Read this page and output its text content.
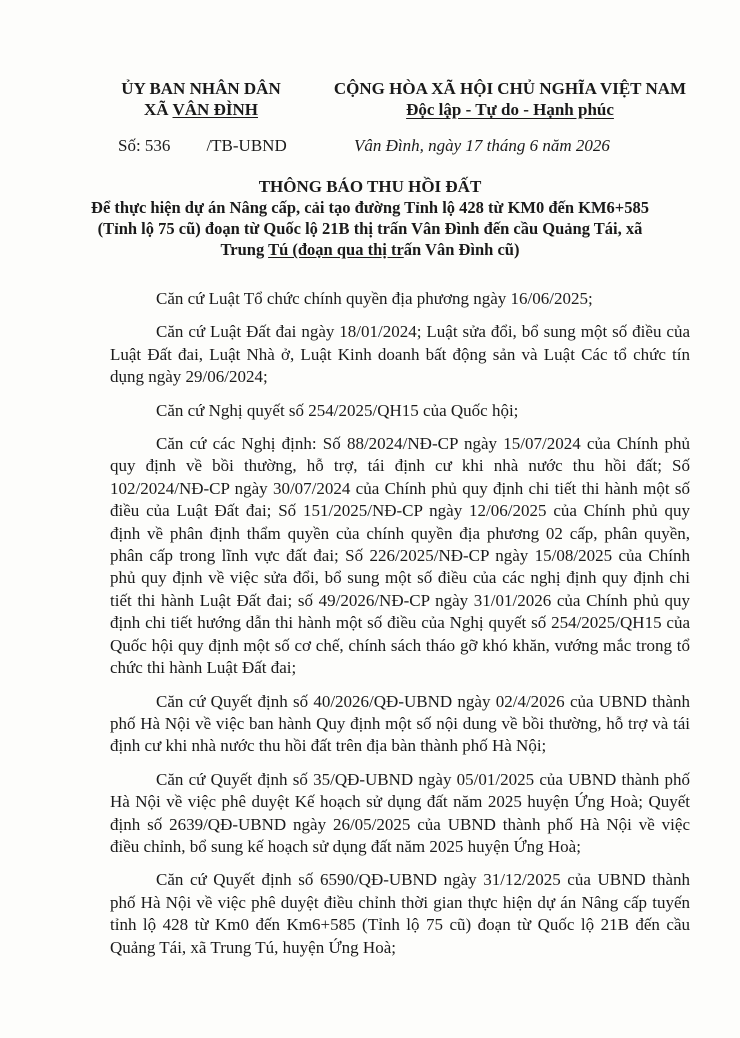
ỦY BAN NHÂN DÂN
XÃ VÂN ĐÌNH
CỘNG HÒA XÃ HỘI CHỦ NGHĨA VIỆT NAM
Độc lập - Tự do - Hạnh phúc
Số: 536 /TB-UBND	Vân Đình, ngày 17 tháng 6 năm 2026
THÔNG BÁO THU HỒI ĐẤT
Để thực hiện dự án Nâng cấp, cải tạo đường Tỉnh lộ 428 từ KM0 đến KM6+585 (Tỉnh lộ 75 cũ) đoạn từ Quốc lộ 21B thị trấn Vân Đình đến cầu Quảng Tái, xã Trung Tú (đoạn qua thị trấn Vân Đình cũ)

Căn cứ Luật Tổ chức chính quyền địa phương ngày 16/06/2025;

Căn cứ Luật Đất đai ngày 18/01/2024; Luật sửa đổi, bổ sung một số điều của Luật Đất đai, Luật Nhà ở, Luật Kinh doanh bất động sản và Luật Các tổ chức tín dụng ngày 29/06/2024;

Căn cứ Nghị quyết số 254/2025/QH15 của Quốc hội;

Căn cứ các Nghị định: Số 88/2024/NĐ-CP ngày 15/07/2024 của Chính phủ quy định về bồi thường, hỗ trợ, tái định cư khi nhà nước thu hồi đất; Số 102/2024/NĐ-CP ngày 30/07/2024 của Chính phủ quy định chi tiết thi hành một số điều của Luật Đất đai; Số 151/2025/NĐ-CP ngày 12/06/2025 của Chính phủ quy định về phân định thẩm quyền của chính quyền địa phương 02 cấp, phân quyền, phân cấp trong lĩnh vực đất đai; Số 226/2025/NĐ-CP ngày 15/08/2025 của Chính phủ quy định về việc sửa đổi, bổ sung một số điều của các nghị định quy định chi tiết thi hành Luật Đất đai; số 49/2026/NĐ-CP ngày 31/01/2026 của Chính phủ quy định chi tiết hướng dẫn thi hành một số điều của Nghị quyết số 254/2025/QH15 của Quốc hội quy định một số cơ chế, chính sách tháo gỡ khó khăn, vướng mắc trong tổ chức thi hành Luật Đất đai;

Căn cứ Quyết định số 40/2026/QĐ-UBND ngày 02/4/2026 của UBND thành phố Hà Nội về việc ban hành Quy định một số nội dung về bồi thường, hỗ trợ và tái định cư khi nhà nước thu hồi đất trên địa bàn thành phố Hà Nội;

Căn cứ Quyết định số 35/QĐ-UBND ngày 05/01/2025 của UBND thành phố Hà Nội về việc phê duyệt Kế hoạch sử dụng đất năm 2025 huyện Ứng Hoà; Quyết định số 2639/QĐ-UBND ngày 26/05/2025 của UBND thành phố Hà Nội về việc điều chỉnh, bổ sung kế hoạch sử dụng đất năm 2025 huyện Ứng Hoà;

Căn cứ Quyết định số 6590/QĐ-UBND ngày 31/12/2025 của UBND thành phố Hà Nội về việc phê duyệt điều chỉnh thời gian thực hiện dự án Nâng cấp tuyến tỉnh lộ 428 từ Km0 đến Km6+585 (Tỉnh lộ 75 cũ) đoạn từ Quốc lộ 21B đến cầu Quảng Tái, xã Trung Tú, huyện Ứng Hoà;
